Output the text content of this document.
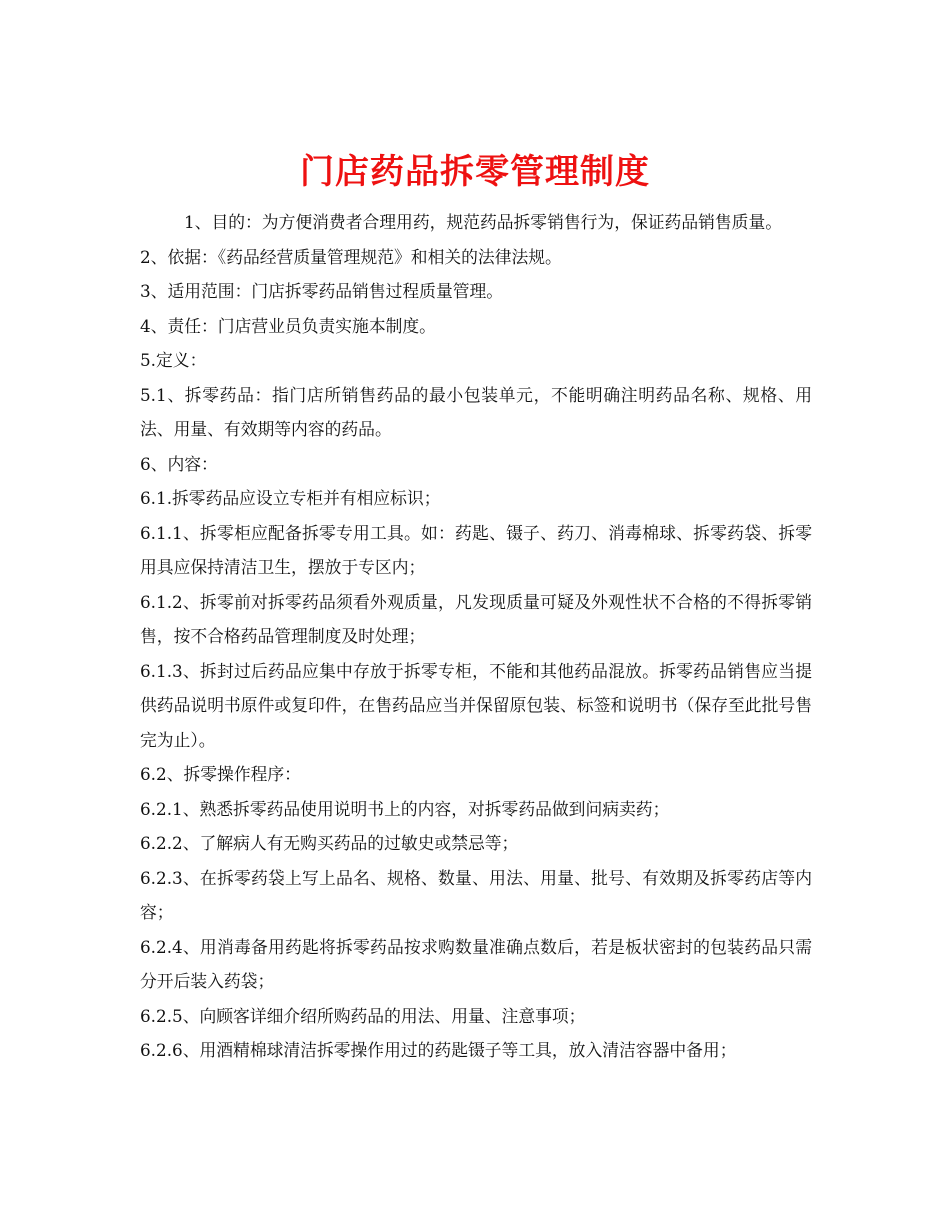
门店药品拆零管理制度

1、目的：为方便消费者合理用药，规范药品拆零销售行为，保证药品销售质量。

2、依据：《药品经营质量管理规范》和相关的法律法规。

3、适用范围：门店拆零药品销售过程质量管理。

4、责任：门店营业员负责实施本制度。

5.定义：

5.1、拆零药品：指门店所销售药品的最小包装单元，不能明确注明药品名称、规格、用法、用量、有效期等内容的药品。

6、内容：

6.1.拆零药品应设立专柜并有相应标识；

6.1.1、拆零柜应配备拆零专用工具。如：药匙、镊子、药刀、消毒棉球、拆零药袋、拆零用具应保持清洁卫生，摆放于专区内；

6.1.2、拆零前对拆零药品须看外观质量，凡发现质量可疑及外观性状不合格的不得拆零销售，按不合格药品管理制度及时处理；

6.1.3、拆封过后药品应集中存放于拆零专柜，不能和其他药品混放。拆零药品销售应当提供药品说明书原件或复印件，在售药品应当并保留原包装、标签和说明书（保存至此批号售完为止）。

6.2、拆零操作程序：

6.2.1、熟悉拆零药品使用说明书上的内容，对拆零药品做到问病卖药；

6.2.2、了解病人有无购买药品的过敏史或禁忌等；

6.2.3、在拆零药袋上写上品名、规格、数量、用法、用量、批号、有效期及拆零药店等内容；

6.2.4、用消毒备用药匙将拆零药品按求购数量准确点数后，若是板状密封的包装药品只需分开后装入药袋；

6.2.5、向顾客详细介绍所购药品的用法、用量、注意事项；

6.2.6、用酒精棉球清洁拆零操作用过的药匙镊子等工具，放入清洁容器中备用；
